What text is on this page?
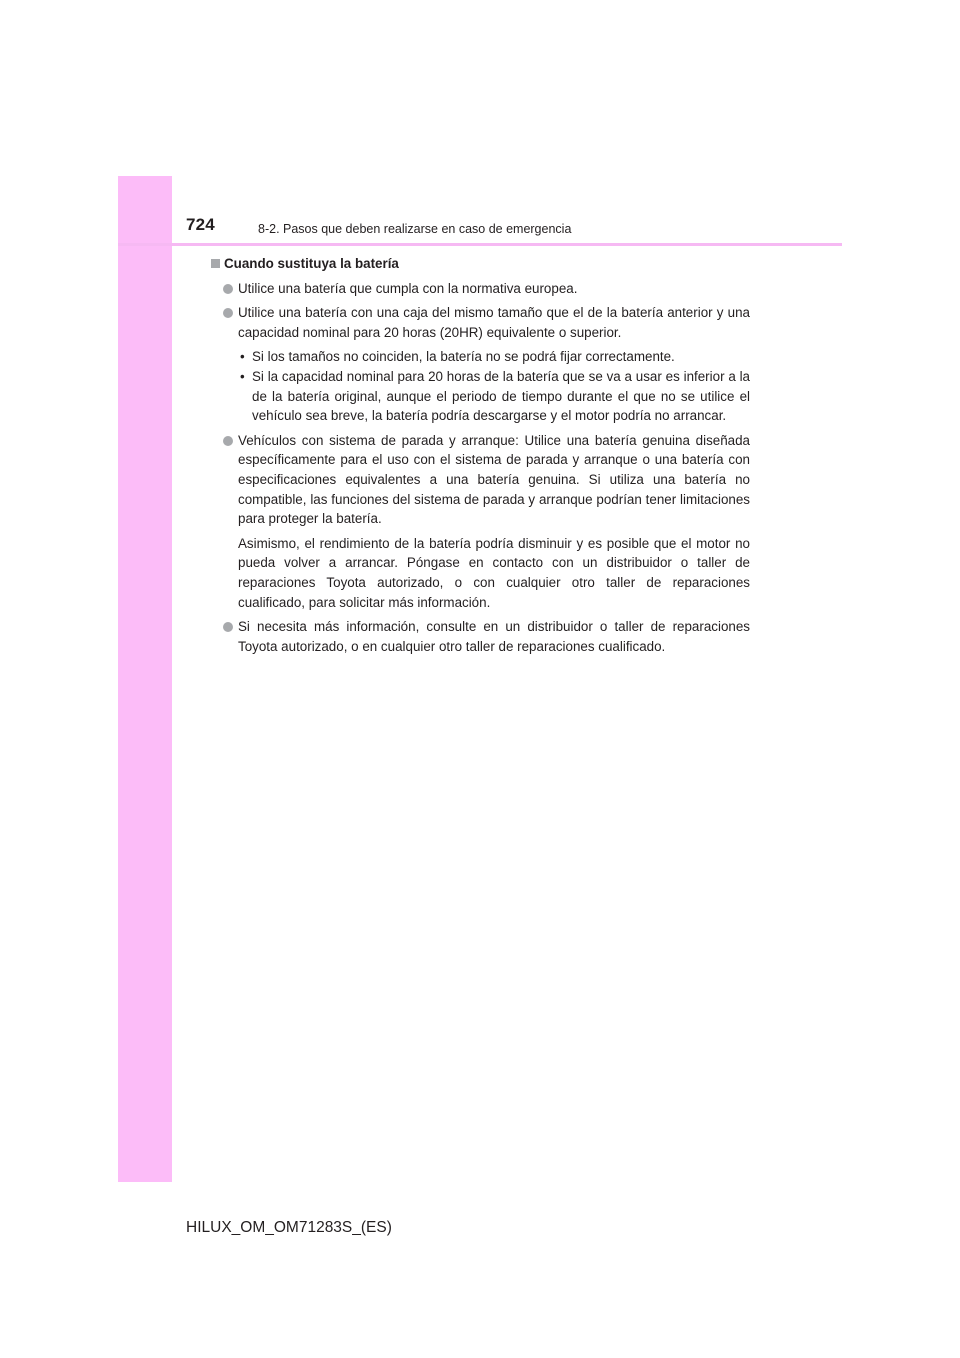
724	8-2. Pasos que deben realizarse en caso de emergencia
Cuando sustituya la batería
Utilice una batería que cumpla con la normativa europea.
Utilice una batería con una caja del mismo tamaño que el de la batería anterior y una capacidad nominal para 20 horas (20HR) equivalente o superior.
• Si los tamaños no coinciden, la batería no se podrá fijar correctamente.
• Si la capacidad nominal para 20 horas de la batería que se va a usar es inferior a la de la batería original, aunque el periodo de tiempo durante el que no se utilice el vehículo sea breve, la batería podría descargarse y el motor podría no arrancar.
Vehículos con sistema de parada y arranque: Utilice una batería genuina diseñada específicamente para el uso con el sistema de parada y arranque o una batería con especificaciones equivalentes a una batería genuina. Si utiliza una batería no compatible, las funciones del sistema de parada y arranque podrían tener limitaciones para proteger la batería.
Asimismo, el rendimiento de la batería podría disminuir y es posible que el motor no pueda volver a arrancar. Póngase en contacto con un distribuidor o taller de reparaciones Toyota autorizado, o con cualquier otro taller de reparaciones cualificado, para solicitar más información.
Si necesita más información, consulte en un distribuidor o taller de reparaciones Toyota autorizado, o en cualquier otro taller de reparaciones cualificado.
HILUX_OM_OM71283S_(ES)
